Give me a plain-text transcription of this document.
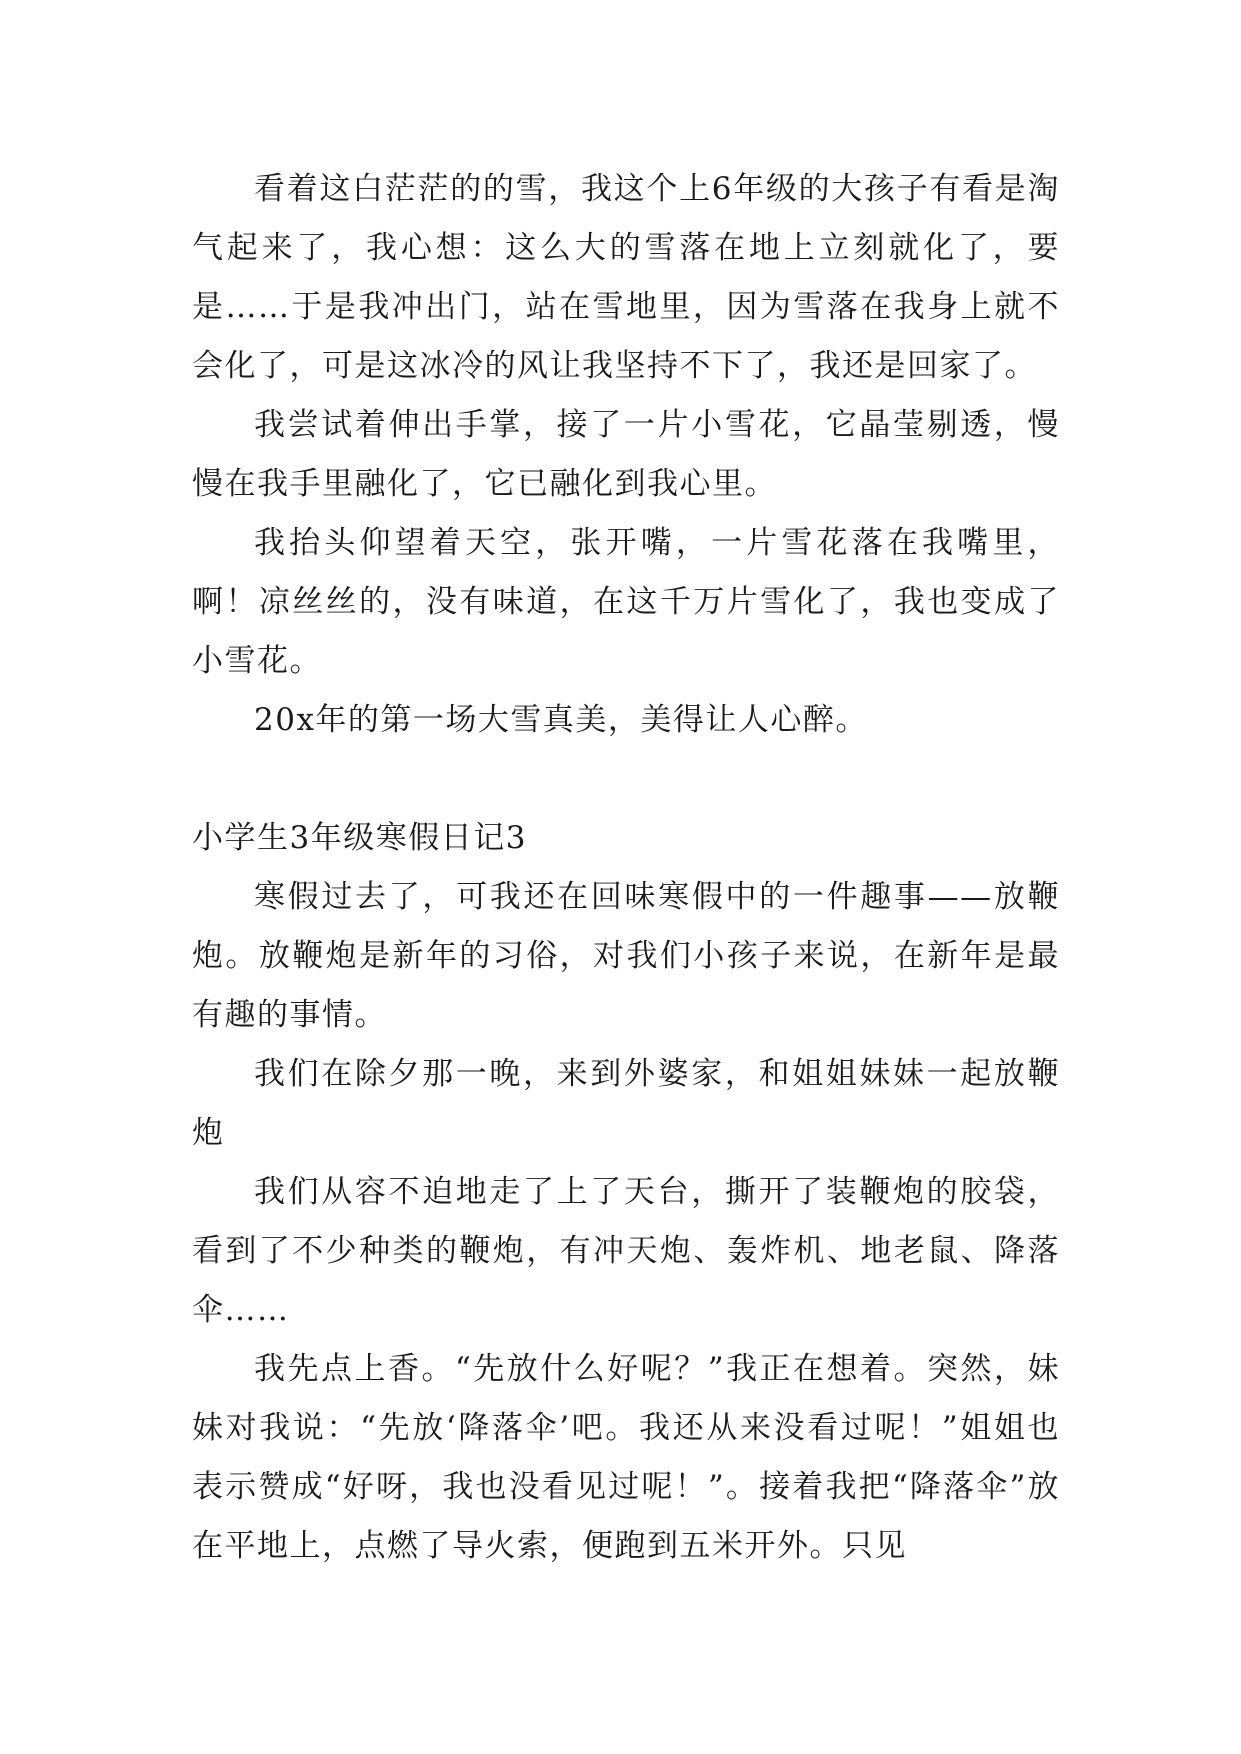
看着这白茫茫的的雪，我这个上6年级的大孩子有看是淘气起来了，我心想：这么大的雪落在地上立刻就化了，要是……于是我冲出门，站在雪地里，因为雪落在我身上就不会化了，可是这冰冷的风让我坚持不下了，我还是回家了。

我尝试着伸出手掌，接了一片小雪花，它晶莹剔透，慢慢在我手里融化了，它已融化到我心里。

我抬头仰望着天空，张开嘴，一片雪花落在我嘴里，啊！凉丝丝的，没有味道，在这千万片雪化了，我也变成了小雪花。

20x年的第一场大雪真美，美得让人心醉。

小学生3年级寒假日记3

寒假过去了，可我还在回味寒假中的一件趣事——放鞭炮。放鞭炮是新年的习俗，对我们小孩子来说，在新年是最有趣的事情。

我们在除夕那一晚，来到外婆家，和姐姐妹妹一起放鞭炮

我们从容不迫地走了上了天台，撕开了装鞭炮的胶袋，看到了不少种类的鞭炮，有冲天炮、轰炸机、地老鼠、降落伞……

我先点上香。“先放什么好呢？”我正在想着。突然，妹妹对我说：“先放‘降落伞’吧。我还从来没看过呢！”姐姐也表示赞成“好呀，我也没看见过呢！”。接着我把“降落伞”放在平地上，点燃了导火索，便跑到五米开外。只见
